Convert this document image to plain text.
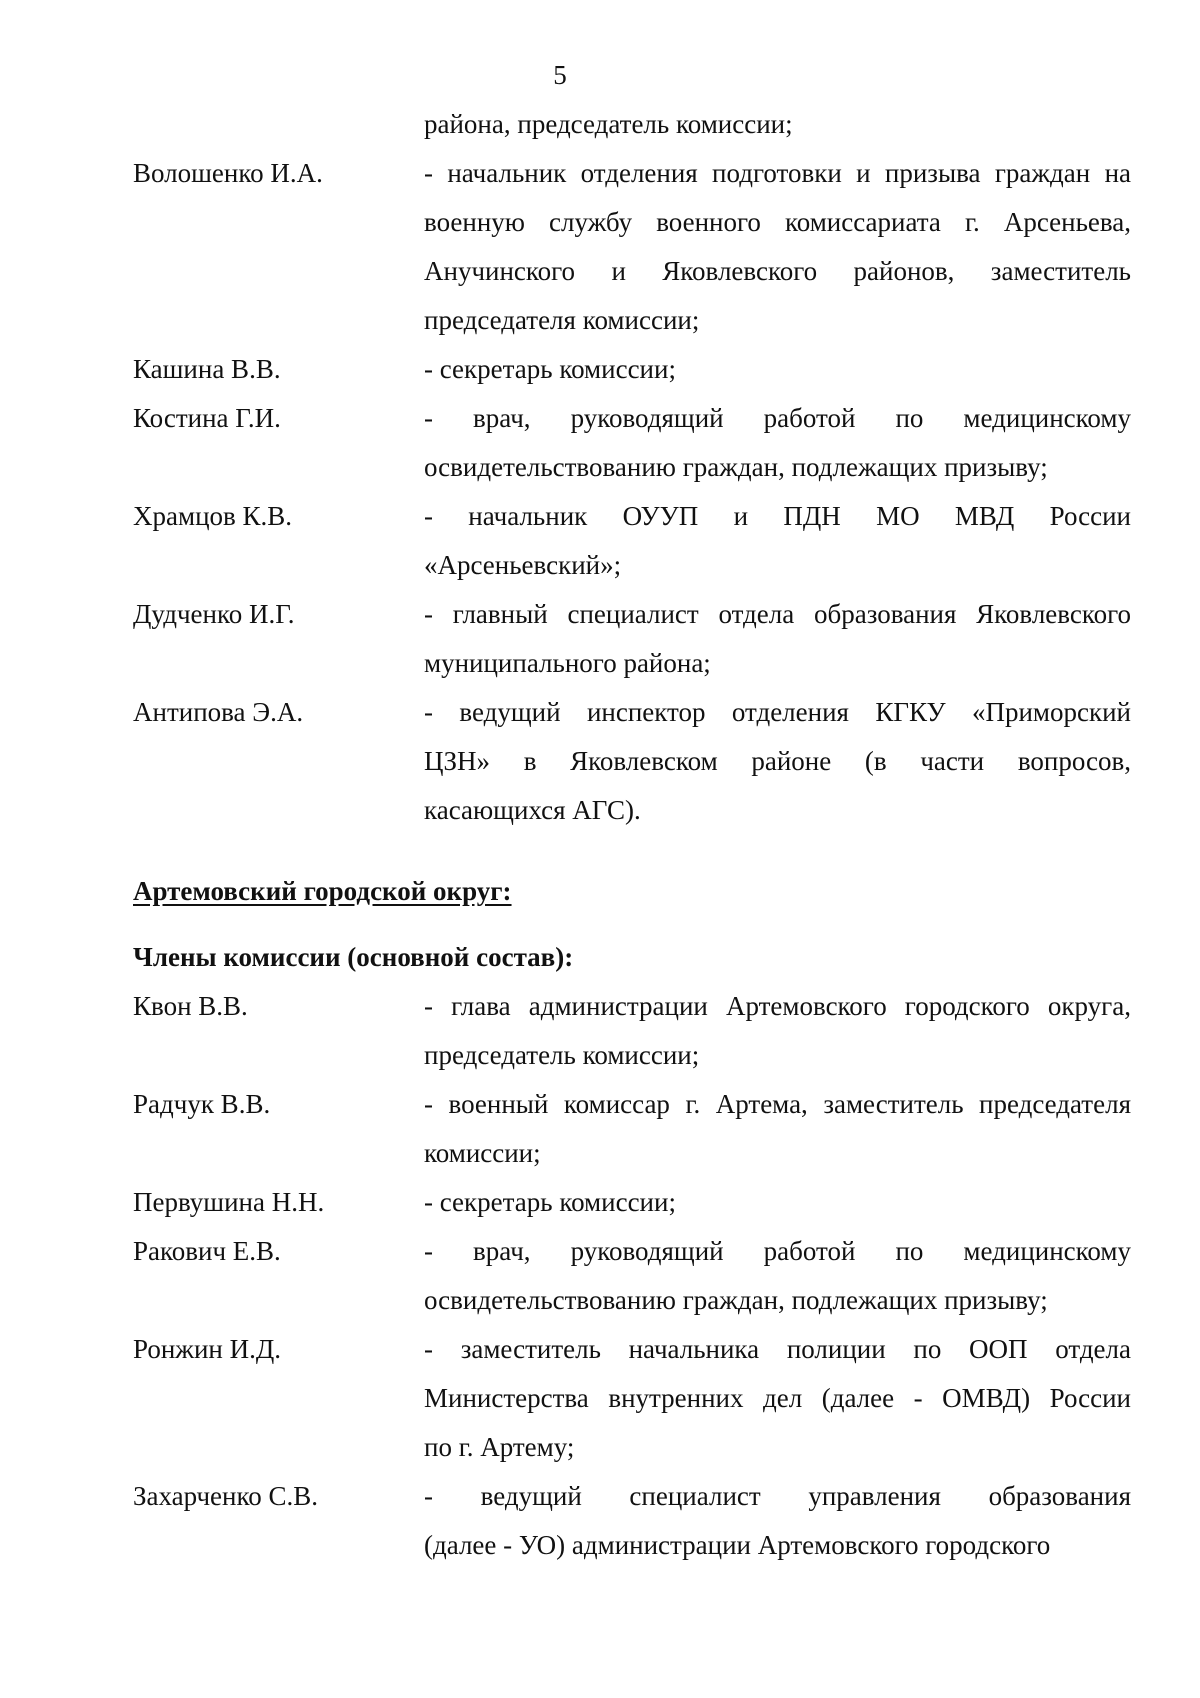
5

района, председатель комиссии;

Волошенко И.А.	- начальник отделения подготовки и призыва граждан на

военную службу военного комиссариата г. Арсеньева,

Анучинского и Яковлевского районов, заместитель

председателя комиссии;

Кашина В.В.	- секретарь комиссии;

Костина Г.И.	- врач, руководящий работой по медицинскому

освидетельствованию граждан, подлежащих призыву;

Храмцов К.В.	- начальник ОУУП и ПДН МО МВД России

«Арсеньевский»;

Дудченко И.Г.	- главный специалист отдела образования Яковлевского

муниципального района;

Антипова Э.А.	- ведущий инспектор отделения КГКУ «Приморский

ЦЗН» в Яковлевском районе (в части вопросов,

касающихся АГС).

Артемовский городской округ:
Члены комиссии (основной состав):
Квон В.В.	- глава администрации Артемовского городского округа,

председатель комиссии;

Радчук В.В.	- военный комиссар г. Артема, заместитель председателя

комиссии;

Первушина Н.Н.	- секретарь комиссии;

Ракович Е.В.	- врач, руководящий работой по медицинскому

освидетельствованию граждан, подлежащих призыву;

Ронжин И.Д.	- заместитель начальника полиции по ООП отдела

Министерства внутренних дел (далее - ОМВД) России

по г. Артему;

Захарченко С.В.	- ведущий специалист управления образования

(далее - УО) администрации Артемовского городского
